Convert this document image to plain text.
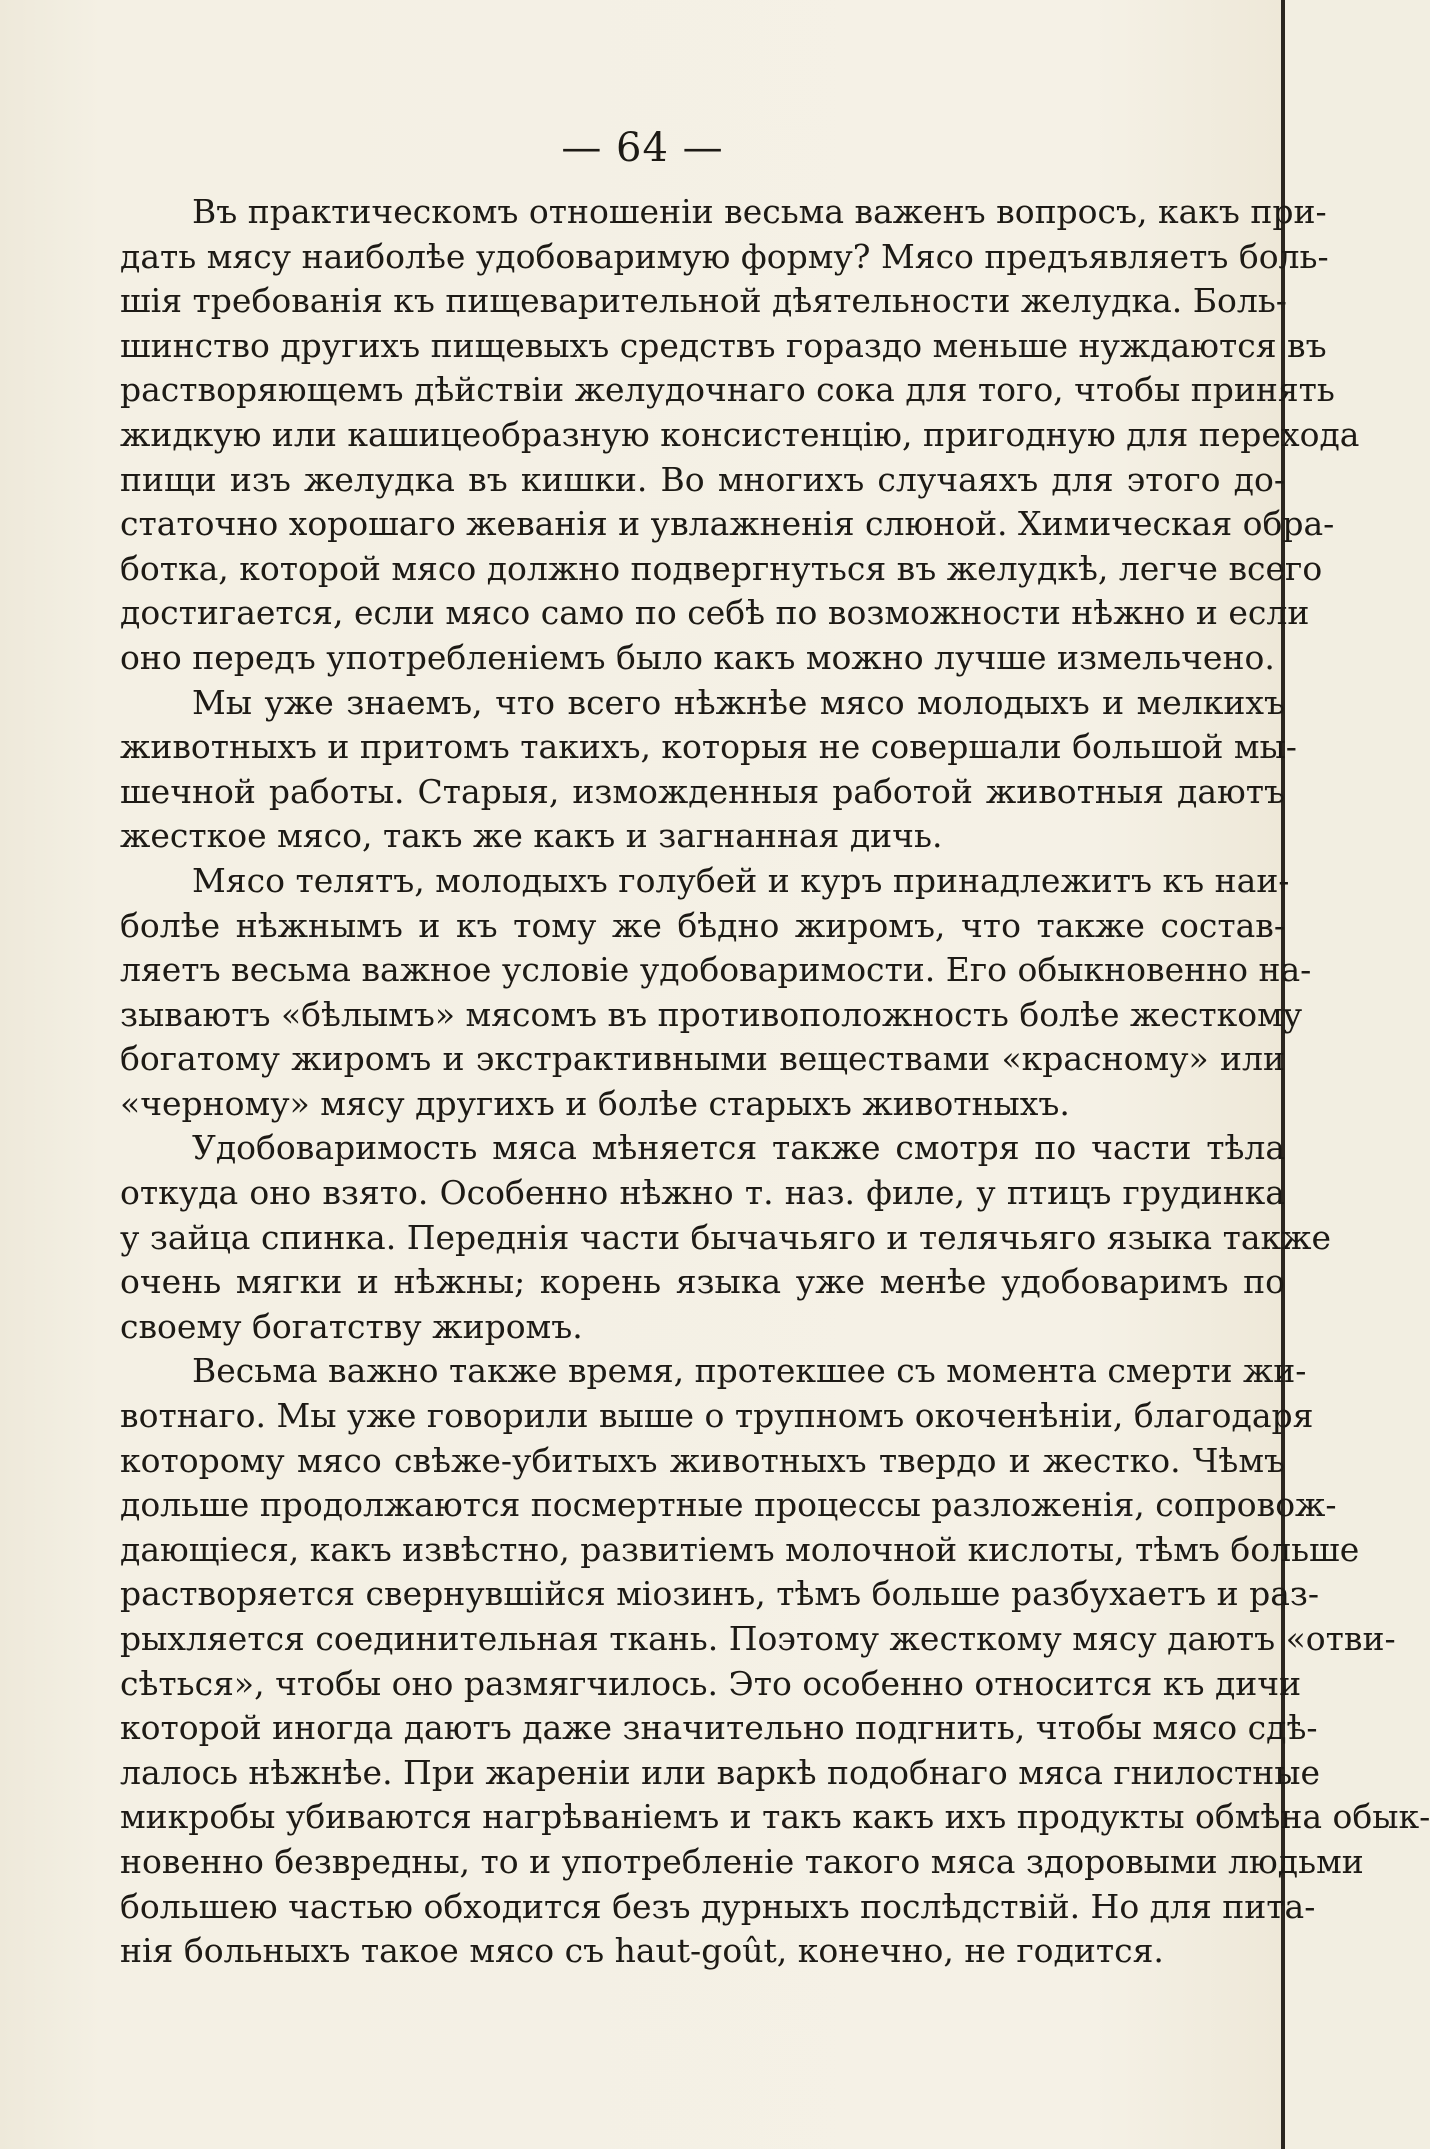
— 64 —
Въ практическомъ отношеніи весьма важенъ вопросъ, какъ при-
дать мясу наиболѣе удобоваримую форму? Мясо предъявляетъ боль-
шія требованія къ пищеварительной дѣятельности желудка. Боль-
шинство другихъ пищевыхъ средствъ гораздо меньше нуждаются въ
растворяющемъ дѣйствіи желудочнаго сока для того, чтобы принять
жидкую или кашицеобразную консистенцію, пригодную для перехода
пищи изъ желудка въ кишки. Во многихъ случаяхъ для этого до-
статочно хорошаго жеванія и увлажненія слюной. Химическая обра-
ботка, которой мясо должно подвергнуться въ желудкѣ, легче всего
достигается, если мясо само по себѣ по возможности нѣжно и если
оно передъ употребленіемъ было какъ можно лучше измельчено.
Мы уже знаемъ, что всего нѣжнѣе мясо молодыхъ и мелкихъ
животныхъ и притомъ такихъ, которыя не совершали большой мы-
шечной работы. Старыя, изможденныя работой животныя даютъ
жесткое мясо, такъ же какъ и загнанная дичь.
Мясо телятъ, молодыхъ голубей и куръ принадлежитъ къ наи-
болѣе нѣжнымъ и къ тому же бѣдно жиромъ, что также состав-
ляетъ весьма важное условіе удобоваримости. Его обыкновенно на-
зываютъ «бѣлымъ» мясомъ въ противоположность болѣе жесткому
богатому жиромъ и экстрактивными веществами «красному» или
«черному» мясу другихъ и болѣе старыхъ животныхъ.
Удобоваримость мяса мѣняется также смотря по части тѣла
откуда оно взято. Особенно нѣжно т. наз. филе, у птицъ грудинка
у зайца спинка. Переднія части бычачьяго и телячьяго языка также
очень мягки и нѣжны; корень языка уже менѣе удобоваримъ по
своему богатству жиромъ.
Весьма важно также время, протекшее съ момента смерти жи-
вотнаго. Мы уже говорили выше о трупномъ окоченѣніи, благодаря
которому мясо свѣже-убитыхъ животныхъ твердо и жестко. Чѣмъ
дольше продолжаются посмертные процессы разложенія, сопровож-
дающіеся, какъ извѣстно, развитіемъ молочной кислоты, тѣмъ больше
растворяется свернувшійся міозинъ, тѣмъ больше разбухаетъ и раз-
рыхляется соединительная ткань. Поэтому жесткому мясу даютъ «отви-
сѣться», чтобы оно размягчилось. Это особенно относится къ дичи
которой иногда даютъ даже значительно подгнить, чтобы мясо сдѣ-
лалось нѣжнѣе. При жареніи или варкѣ подобнаго мяса гнилостные
микробы убиваются нагрѣваніемъ и такъ какъ ихъ продукты обмѣна обык-
новенно безвредны, то и употребленіе такого мяса здоровыми людьми
большею частью обходится безъ дурныхъ послѣдствій. Но для пита-
нія больныхъ такое мясо съ haut-goût, конечно, не годится.
